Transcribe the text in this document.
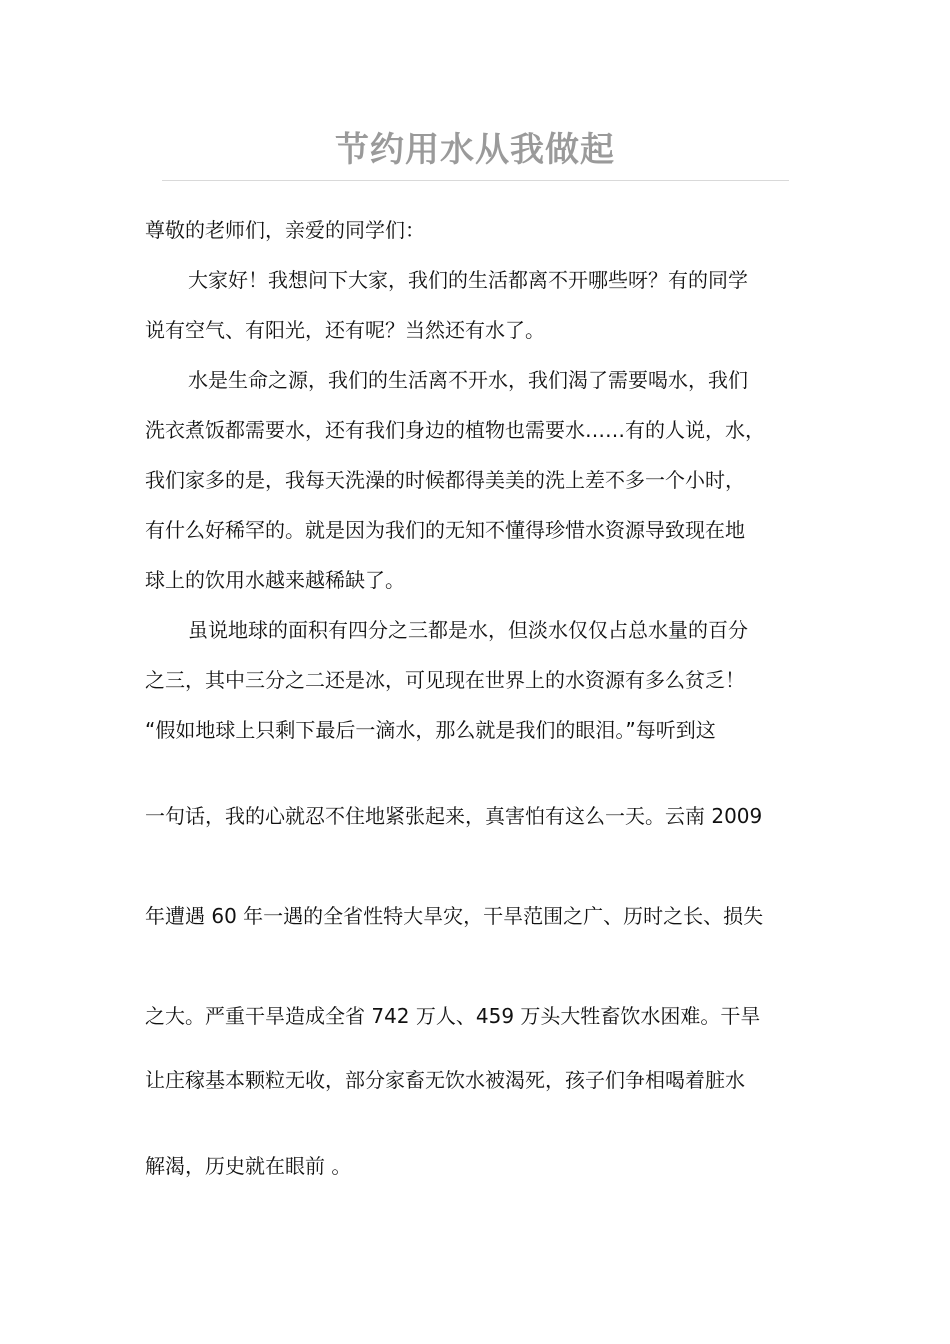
节约用水从我做起
尊敬的老师们，亲爱的同学们：
大家好！我想问下大家，我们的生活都离不开哪些呀？有的同学
说有空气、有阳光，还有呢？当然还有水了。
水是生命之源，我们的生活离不开水，我们渴了需要喝水，我们
洗衣煮饭都需要水，还有我们身边的植物也需要水……有的人说，水，
我们家多的是，我每天洗澡的时候都得美美的洗上差不多一个小时，
有什么好稀罕的。就是因为我们的无知不懂得珍惜水资源导致现在地
球上的饮用水越来越稀缺了。
虽说地球的面积有四分之三都是水，但淡水仅仅占总水量的百分
之三，其中三分之二还是冰，可见现在世界上的水资源有多么贫乏！
“假如地球上只剩下最后一滴水，那么就是我们的眼泪。”每听到这
一句话，我的心就忍不住地紧张起来，真害怕有这么一天。云南 2009
年遭遇 60 年一遇的全省性特大旱灾，干旱范围之广、历时之长、损失
之大。严重干旱造成全省 742 万人、459 万头大牲畜饮水困难。干旱
让庄稼基本颗粒无收，部分家畜无饮水被渴死，孩子们争相喝着脏水
解渴，历史就在眼前 。
